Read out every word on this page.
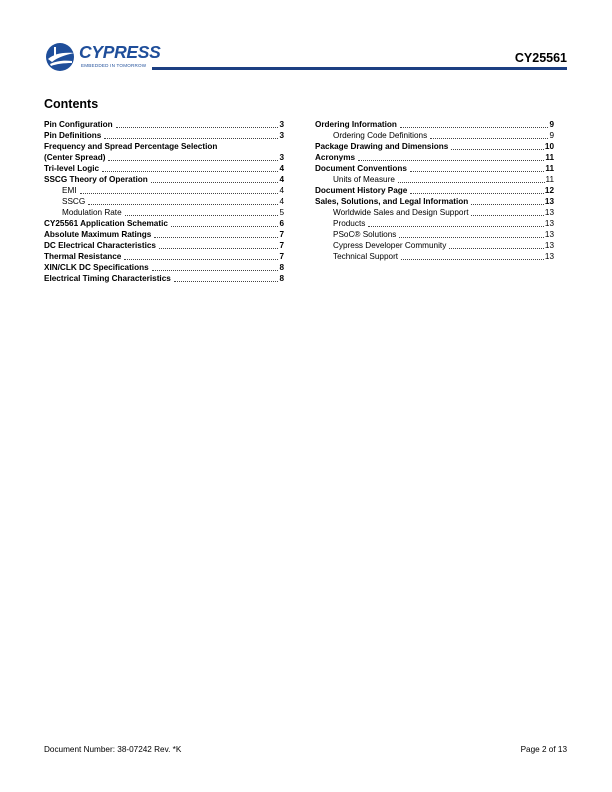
CYPRESS
EMBEDDED IN TOMORROW
CY25561
Contents
Pin Configuration	3
Pin Definitions	3
Frequency and Spread Percentage Selection
(Center Spread)	3
Tri-level Logic	4
SSCG Theory of Operation	4
EMI	4
SSCG	4
Modulation Rate	5
CY25561 Application Schematic	6
Absolute Maximum Ratings	7
DC Electrical Characteristics	7
Thermal Resistance	7
XIN/CLK DC Specifications	8
Electrical Timing Characteristics	8
Ordering Information	9
Ordering Code Definitions	9
Package Drawing and Dimensions	10
Acronyms	11
Document Conventions	11
Units of Measure	11
Document History Page	12
Sales, Solutions, and Legal Information	13
Worldwide Sales and Design Support	13
Products	13
PSoC® Solutions	13
Cypress Developer Community	13
Technical Support	13
Document Number: 38-07242 Rev. *K	Page 2 of 13
